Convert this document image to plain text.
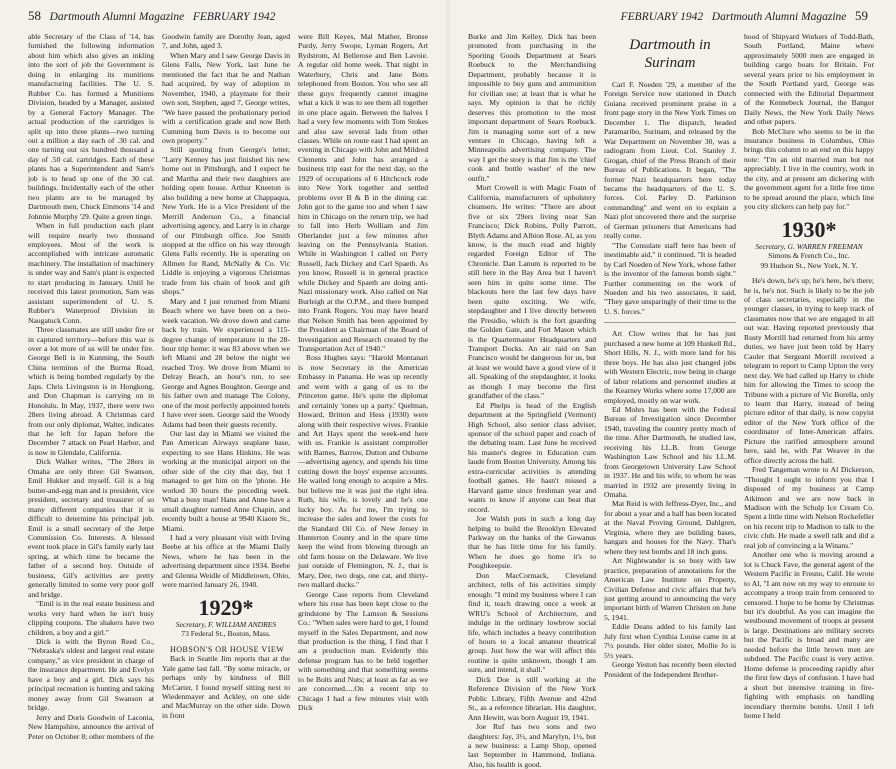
58 Dartmouth Alumni Magazine FEBRUARY 1942

able Secretary of the Class of '14, has furnished the following information about him which also gives an inkling into the sort of job the Government is doing in enlarging its munitions manufacturing facilities. The U. S. Rubber Co. has formed a Munitions Division, headed by a Manager, assisted by a General Factory Manager. The actual production of the cartridges is split up into three plants—two turning out a million a day each of .30 cal. and one turning out six hundred thousand a day of .50 cal. cartridges. Each of these plants has a Superintendent and Sam's job is to head up one of the 30 cal. buildings. Incidentally each of the other two plants are to be managed by Dartmouth men, Chuck Emmons '14 and Johnnie Murphy '29. Quite a green tinge.

When in full production each plant will require nearly two thousand employees. Most of the work is accomplished with intricate automatic machinery. The installation of machinery is under way and Sam's plant is expected to start producing in January. Until he received this latest promotion, Sam was assistant superintendent of U. S. Rubber's Waterproof Division in Naugatuck Conn.

Three classmates are still under fire or in captured territory—before this war is over a lot more of us will be under fire. George Bell is in Kunming, the South China terminus of the Burma Road, which is being bombed regularly by the Japs. Chris Livingston is in Hongkong, and Don Chapman is carrying on in Honolulu. In May, 1937, there were two 28ers living abroad. A Christmas card from our only diplomat, Walter, indicates that he left for Japan before the December 7 attack on Pearl Harbor, and is now in Glendale, California.

Dick Walker writes, "The 28ers in Omaha are only three: Gil Swanson, Emil Hukker and myself. Gil is a big butter-and-egg man and is president, vice president, secretary and treasurer of so many different companies that it is difficult to determine his principal job. Emil is a small secretary of the Jetpe Commission Co. Interests. A blessed event took place in Gil's family early last spring, at which time he became the father of a second boy. Outside of business, Gil's activities are pretty generally limited to some very poor golf and bridge.

"Emil is in the real estate business and works very hard when he isn't busy clipping coupons. The shakers have two children, a boy and a girl."

Dick is with the Byron Reed Co., "Nebraska's oldest and largest real estate company," as vice president in charge of the insurance department. He and Evelyn have a boy and a girl. Dick says his principal recreation is hunting and taking money away from Gil Swanson at bridge.

Jerry and Doris Goodwin of Laconia, New Hampshire, announce the arrival of Peter on October 8; other members of the

Goodwin family are Dorothy Jean, aged 7, and John, aged 3.

When Mary and I saw George Davis in Glens Falls, New York, last June he mentioned the fact that he and Nathan had acquired, by way of adoption in November, 1940, a playmate for their own son, Stephen, aged 7, George writes, "We have passed the probationary period with a certification grade and now Beth Cumming hum Davis is to become our own property."

Still quoting from George's letter, "Larry Kenney has just finished his new home out in Pittsburgh, and I expect he and Martha and their two daughters are holding open house. Arthur Kneeton is also building a new home at Chappaqua, New York. He is a Vice President of the Merrill Anderson Co., a financial advertising agency, and Larry is in charge of our Pittsburgh office. Joe Smith stopped at the office on his way through Glens Falls recently. He is operating on Allmen for Rand, McNally & Co. Vic Liddle is enjoying a vigorous Christmas trade from his chain of book and gift shops."

Mary and I just returned from Miami Beach where we have been on a two-week vacation. We drove down and came back by train. We experienced a 115-degree change of temperature in the 28-hour trip home: it was 83 above when we left Miami and 28 below the night we reached Troy. We drove from Miami to Delray Beach, an hour's run, to see George and Agnes Boughton. George and his father own and manage The Colony, one of the most perfectly appointed hotels I have ever seen. George said the Woody Adams had been their guests recently.

Our last day in Miami we visited the Pan American Airways seaplane base, expecting to see Hans Hinkins. He was working at the municipal airport on the other side of the city that day, but I managed to get him on the 'phone. He worked 30 hours the preceding week. What a busy man! Hans and Anne have a small daughter named Anne Chapin, and recently built a house at 9940 Kiaore St., Miami.

I had a very pleasant visit with Irving Beebe at his office at the Miami Daily News, where he has been in the advertising department since 1934. Beebe and Glenna Weidle of Middletown, Ohio, were married January 26, 1940.

1929*
Secretary, F. WILLIAM ANDRES
73 Federal St., Boston, Mass.

HOBSON'S OR HOUSE VIEW

Back in Seattle Jim reports that at the Yale game last fall. "By some miracle, or perhaps only by kindness of Bill McCarter, I found myself sitting next to Wiedenmayer and Ackley, on one side and MacMurray on the other side. Down in front

were Bill Keyes, Mal Mather, Bronse Purdy, Jerry Swope, Lyman Rogers, Art Rydstrom, Al Bellerose and Ben Lavoie. A regular old home week. That night in Waterbury, Chris and Jane Botts telephoned from Boston. You who see all these guys frequently cannot imagine what a kick it was to see them all together in one place again. Between the halves I had a very few moments with Tom Stokes and also saw several lads from other classes. While on route east I had spent an evening in Chicago with John and Mildred Clements and John has arranged a business trip east for the next day, so the 1929 of occupations of 6 Hitchcock rode into New York together and settled problems over B & B in the dining car. John got to the game too and when I saw him in Chicago on the return trip, we had to fall into Herb Wolliam and Jim Oberlander just a few minutes after leaving on the Pennsylvania Station. While in Washington I called on Perry Russell, Jack Dickey and Carl Spaeth. As you know, Russell is in general practice while Dickey and Spaeth are doing anti-Nazi missionary work. Also called on Nat Burleigh at the O.P.M., and there bumped into Frank Rogers. You may have heard that Nelson Smith has been appointed by the President as Chairman of the Board of Investigation and Research created by the Transportation Act of 1940."

Ross Hughes says: "Harold Montanari is now Secretary in the American Embassy in Panama. He was up recently and went with a gang of us to the Princeton game. He's quite the diplomat and certainly 'tones up a party.' Quelman, Howard, Britton and Hess (1930) were along with their respective wives. Frankie and Art Hays spent the week-end here with us. Frankie is assistant comptroller with Barnes, Barrow, Dutton and Osborne—advertising agency, and spends his time cutting down the boys' expense accounts. He wailed long enough to acquire a Mrs. but believe me it was just the right idea. Ruth, his wife, is lovely and he's one lucky boy. As for me, I'm trying to increase the sales and lower the costs for the Standard Oil Co. of New Jersey in Hunterton County and in the spare time keep the wind from blowing through an old farm house on the Delaware. We live just outside of Flemington, N. J., that is Mary, Dee, two dogs, one cat, and thirty-two mallard ducks."

George Case reports from Cleveland where his ruse has been kept close to the grindstone by The Lamson & Sessions Co.: "When sales were hard to get, I found myself in the Sales Department, and now that production is the thing, I find that I am a production man. Evidently this defense program has to be held together with something and that something seems to be Bolts and Nuts; at least as far as we are concerned.....On a recent trip to Chicago I had a few minutes visit with Dick

FEBRUARY 1942 Dartmouth Alumni Magazine 59

Burke and Jim Kelley. Dick has been promoted from purchasing in the Sporting Goods Department at Sears Roebuck to the Merchandising Department, probably because it is impossible to buy guns and ammunition for civilian use; at least that is what he says. My opinion is that he richly deserves this promotion to the most important department of Sears Roebuck. Jim is managing some sort of a new venture in Chicago, having left a Minneapolis advertising company. The way I get the story is that Jim is the 'chief cook and bottle washer' of the new outfit."

Mort Crowell is with Magic Foam of California, manufacturers of upholstery cleansers. He writes: "There are about five or six '29ers living near San Francisco; Dick Robins, Polly Parrott, Blyth Adams and Albion Rose. Al, as you know, is the much read and highly regarded Foreign Editor of The Chronicle. Dan Lanum is reported to be still here in the Bay Area but I haven't seen him in quite some time. The blackouts here the last few days have been quite exciting. We wife, stepdaughter and I live directly between the Presidio, which is the fort guarding the Golden Gate, and Fort Mason which is the Quartermaster Headquarters and Transport Docks. An air raid on San Francisco would be dangerous for us, but at least we would have a good view of it all. Speaking of the stepdaughter, it looks as though I may become the first grandfather of the class."

Ed Phelps is head of the English department at the Springfield (Vermont) High School, also senior class adviser, sponsor of the school paper and coach of the debating team. Last June he received his master's degree in Education cum laude from Boston University. Among his extra-curricular activities is attending football games. He hasn't missed a Harvard game since freshman year and wants to know if anyone can beat that record.

Joe Walsh puts in such a long day helping to build the Brooklyn Elevated Parkway on the banks of the Gowanus that he has little time for his family. When he does go home it's to Poughkeepsie.

Don MacCormack, Cleveland architect, tells of his activities simply enough: "I mind my business where I can find it, teach drawing once a week at WRU's School of Architecture, and indulge in the ordinary lowbrow social life, which includes a heavy contribution of hours to a local amateur theatrical group. Just how the war will affect this routine is quite unknown, though I am sure, and intend, it shall."

Dick Doe is still working at the Reference Division of the New York Public Library, Fifth Avenue and 42nd St., as a reference librarian. His daughter, Ann Hewitt, was born August 19, 1941.

Joe Ruf has two sons and two daughters: Jay, 3½, and Marylyn, 1½, but a new business: a Lamp Shop, opened last September in Hammond, Indiana. Also, his health is good.

Dartmouth in Surinam

Carl F. Noeden '29, a member of the Foreign Service now stationed in Dutch Guiana received prominent praise in a front page story in the New York Times on December 1. The dispatch, headed Paramaribo, Surinam, and released by the War Department on November 30, was a radiogram from Lieut. Col. Stanley J. Grogan, chief of the Press Branch of their Bureau of Publications. It began, "The former Nazi headquarters here today became the headquarters of the U. S. forces. Col. Parley D. Parkinson commanding" and went on to explain a Nazi plot uncovered there and the surprise of German prisoners that Americans had really come.

"The Consulate staff here has been of inestimable aid," it continued. "It is headed by Carl Noeden of New York, whose father is the inventor of the famous bomb sight." Further commenting on the work of Noeden and his two associates, it said, "They gave unsparingly of their time to the U. S. forces."

Art Clow writes that he has just purchased a new home at 109 Hunkell Rd., Short Hills, N. J., with more land for his three boys. He has also just changed jobs with Western Electric, now being in charge of labor relations and personnel studies at the Kearney Works where some 17,000 are employed, mostly on war work.

Ed Mohrs has been with the Federal Bureau of Investigation since December 1940, traveling the country pretty much of the time. After Dartmouth, he studied law, receiving his LL.B. from George Washington Law School and his LL.M. from Georgetown University Law School in 1937. He and his wife, to whom he was married in 1932 are presently living in Omaha.

Mat Reid is with Jeffress-Dyer, Inc., and for about a year and a half has been located at the Naval Proving Ground, Dahlgren, Virginia, where they are building bases, hangars and houses for the Navy. That's where they test bombs and 18 inch guns.

Art Nightwander is so busy with law practice, preparation of annotations for the American Law Institute on Property, Civilian Defense and civic affairs that he's just getting around to announcing the very important birth of Warren Christen on June 5, 1941.

Eddie Deans added to his family last July first when Cynthia Louise came in at 7½ pounds. Her older sister, Mollie Jo is 5½ years.

George Yeston has recently been elected President of the Independent Brother-

hood of Shipyard Workers of Todd-Bath, South Portland, Maine where approximately 5000 men are engaged in building cargo boats for Britain. For several years prior to his employment in the South Portland yard, George was connected with the Editorial Department of the Kennebeck Journal, the Bangor Daily News, the New York Daily News and other papers.

Bob McClure who seems to be in the insurance business in Columbus, Ohio brings this column to an end on this happy note: "I'm an old married man but not appreciably. I live in the country, work in the city, and at present am dickering with the government agent for a little free time to be spread around the place, which line you city slickers can help pay for."

1930*
Secretary, G. WARREN FREEMAN
Simons & French Co., Inc.
99 Hudson St., New York, N. Y.

He's down, he's up; he's here, he's there; he is, he's not. Such is likely to be the job of class secretaries, especially in the younger classes, in trying to keep track of classmates now that we are engaged in all out war. Having reported previously that Rusty Morrill had returned from his army duties, we have just been told by Harry Cauler that Sergeant Morrill received a telegram to report to Camp Upton the very next day. We had called up Harry to chide him for allowing the Times to scoop the Tribune with a picture of Vic Borella, only to learn that Harry, instead of being picture editor of that daily, is now copyist editor of the New York office of the coordinator of Inter-American affairs. Picture the rarified atmosphere around here, said he, with Pat Weaver in the office directly across the hall.

Fred Tangeman wrote to Al Dickerson, "Thought I ought to inform you that I disposed of my business at Camp Atkinson and we are now back in Madison with the Schulp Ice Cream Co. Spent a little time with Nelson Rockefeller on his recent trip to Madison to talk to the civic club. He made a swell talk and did a real job of convincing a la Winans."

Another one who is moving around a lot is Chuck Fave, the general agent of the Western Pacific in Fresno, Calif. He wrote to Al, "I am now on my way to enroute to accompany a troop train from censored to censored. I hope to be home by Christmas but it's doubtful. As you can imagine the westbound movement of troops at present is large. Destinations are military secrets but the Pacific is broad and many are needed before the little brown men are subdued. The Pacific coast is very active. Home defense is proceeding rapidly after the first few days of confusion. I have had a short but intensive training in fire-fighting with emphasis on handling incendiary thermite bombs. Until I left home I held
